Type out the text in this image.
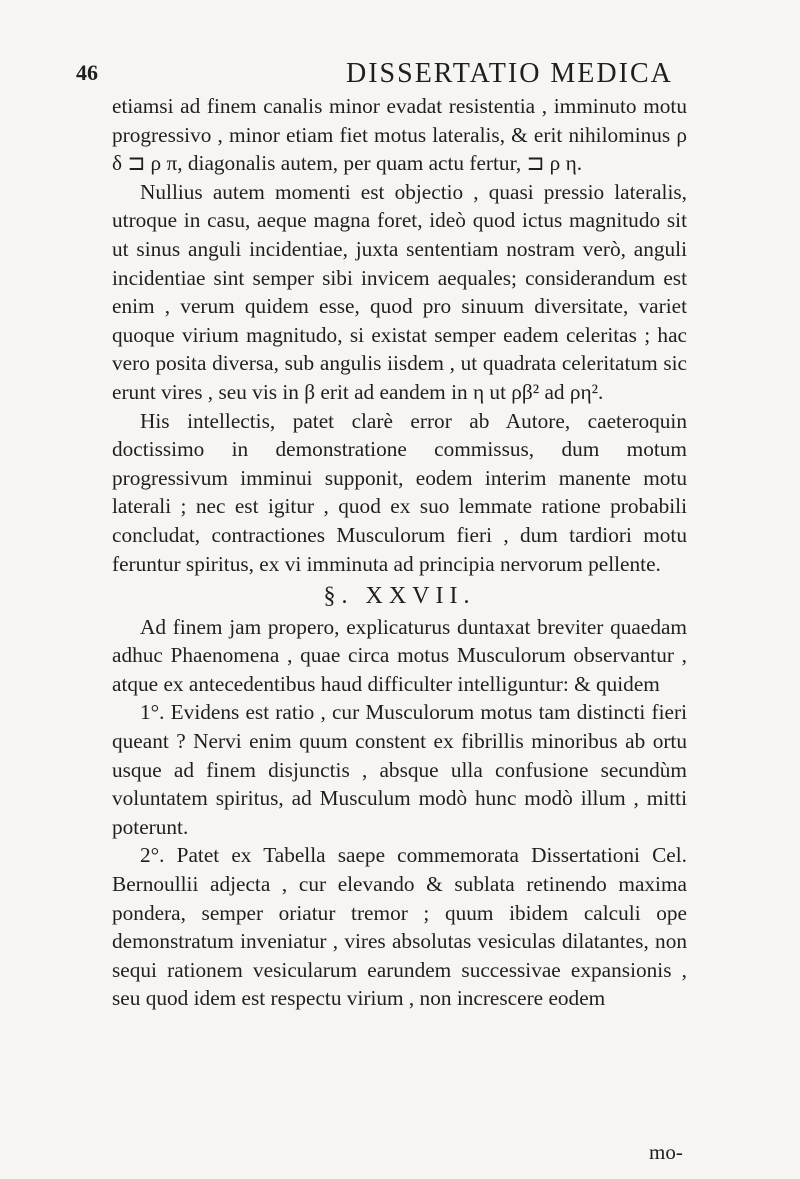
46	DISSERTATIO MEDICA

etiamsi ad finem canalis minor evadat resistentia , imminuto motu progressivo , minor etiam fiet motus lateralis, & erit nihilominus ρ δ ⊐ ρ π, diagonalis autem, per quam actu fertur, ⊐ ρ η.

Nullius autem momenti est objectio , quasi pressio lateralis, utroque in casu, aeque magna foret, ideò quod ictus magnitudo sit ut sinus anguli incidentiae, juxta sententiam nostram verò, anguli incidentiae sint semper sibi invicem aequales; considerandum est enim , verum quidem esse, quod pro sinuum diversitate, variet quoque virium magnitudo, si existat semper eadem celeritas ; hac vero posita diversa, sub angulis iisdem , ut quadrata celeritatum sic erunt vires , seu vis in β erit ad eandem in η ut ρβ² ad ρη².

His intellectis, patet clarè error ab Autore, caeteroquin doctissimo in demonstratione commissus, dum motum progressivum imminui supponit, eodem interim manente motu laterali ; nec est igitur , quod ex suo lemmate ratione probabili concludat, contractiones Musculorum fieri , dum tardiori motu feruntur spiritus, ex vi imminuta ad principia nervorum pellente.

§. XXVII.

Ad finem jam propero, explicaturus duntaxat breviter quaedam adhuc Phaenomena , quae circa motus Musculorum observantur , atque ex antecedentibus haud difficulter intelliguntur: & quidem

1°. Evidens est ratio , cur Musculorum motus tam distincti fieri queant ? Nervi enim quum constent ex fibrillis minoribus ab ortu usque ad finem disjunctis , absque ulla confusione secundùm voluntatem spiritus, ad Musculum modò hunc modò illum , mitti poterunt.

2°. Patet ex Tabella saepe commemorata Dissertationi Cel. Bernoullii adjecta , cur elevando & sublata retinendo maxima pondera, semper oriatur tremor ; quum ibidem calculi ope demonstratum inveniatur , vires absolutas vesiculas dilatantes, non sequi rationem vesicularum earundem successivae expansionis , seu quod idem est respectu virium , non increscere eodem

mo-
